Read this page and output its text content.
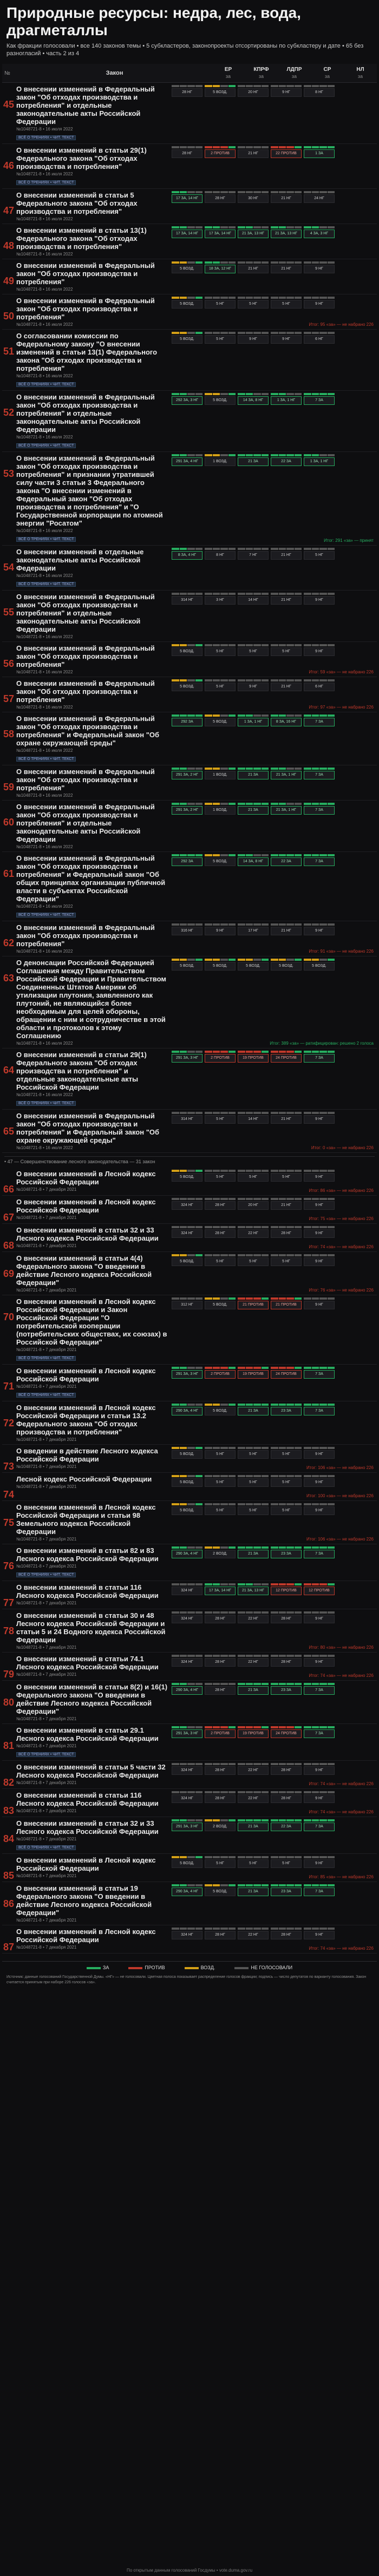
Природные ресурсы: недра, лес, вода, драгметаллы
Как фракции голосовали • все 140 законов темы • 5 субкластеров, законопроекты отсортированы по субкластеру и дате • 65 без разногласий • часть 2 из 4
№	Закон
ЕР
за
КПРФ
за
ЛДПР
за
СР
за
НЛ
за
45
О внесении изменений в Федеральный закон "Об отходах производства и потребления" и отдельные законодательные акты Российской Федерации
№1048721-8 • 16 июля 2022
ВСЁ О ТРЕНИЯХ • ЧИТ. ТЕКСТ
28 НГ	5 ВОЗД.	20 НГ	9 НГ	8 НГ
46
О внесении изменений в статьи 29(1) Федерального закона "Об отходах производства и потребления"
№1048721-8 • 16 июля 2022
ВСЁ О ТРЕНИЯХ • ЧИТ. ТЕКСТ
28 НГ	2 ПРОТИВ	21 НГ	22 ПРОТИВ	1 ЗА
47
О внесении изменений в статьи 5 Федерального закона "Об отходах производства и потребления"
№1048721-8 • 16 июля 2022
17 ЗА, 14 НГ	28 НГ	30 НГ	21 НГ	24 НГ
48
О внесении изменений в статьи 13(1) Федерального закона "Об отходах производства и потребления"
№1048721-8 • 16 июля 2022
17 ЗА, 14 НГ	17 ЗА, 14 НГ	21 ЗА, 13 НГ	21 ЗА, 13 НГ	4 ЗА, 3 НГ
49
О внесении изменений в Федеральный закон "Об отходах производства и потребления"
№1048721-8 • 16 июля 2022
5 ВОЗД.	18 ЗА, 12 НГ	21 НГ	21 НГ	9 НГ
50
О внесении изменений в Федеральный закон "Об отходах производства и потребления"
№1048721-8 • 16 июля 2022
5 ВОЗД.	5 НГ	5 НГ	5 НГ	9 НГ
Итог: 95 «за» — не набрано 226
51
О согласовании комиссии по Федеральному закону "О внесении изменений в статьи 13(1) Федерального закона "Об отходах производства и потребления"
№1048721-8 • 16 июля 2022
ВСЁ О ТРЕНИЯХ • ЧИТ. ТЕКСТ
5 ВОЗД.	5 НГ	9 НГ	9 НГ	6 НГ
52
О внесении изменений в Федеральный закон "Об отходах производства и потребления" и отдельные законодательные акты Российской Федерации
№1048721-8 • 16 июля 2022
ВСЁ О ТРЕНИЯХ • ЧИТ. ТЕКСТ
292 ЗА, 3 НГ	5 ВОЗД.	14 ЗА, 8 НГ	1 ЗА, 1 НГ	7 ЗА
53
О внесении изменений в Федеральный закон "Об отходах производства и потребления" и признании утратившей силу части 3 статьи 3 Федерального закона "О внесении изменений в Федеральный закон "Об отходах производства и потребления" и "О Государственной корпорации по атомной энергии "Росатом"
№1048721-8 • 16 июля 2022
ВСЁ О ТРЕНИЯХ • ЧИТ. ТЕКСТ
291 ЗА, 4 НГ	1 ВОЗД.	21 ЗА	22 ЗА	1 ЗА, 1 НГ
Итог: 291 «за» — принят
54
О внесении изменений в отдельные законодательные акты Российской Федерации
№1048721-8 • 16 июля 2022
ВСЁ О ТРЕНИЯХ • ЧИТ. ТЕКСТ
8 ЗА, 4 НГ	8 НГ	7 НГ	21 НГ	5 НГ
55
О внесении изменений в Федеральный закон "Об отходах производства и потребления" и отдельные законодательные акты Российской Федерации
№1048721-8 • 16 июля 2022
314 НГ	3 НГ	14 НГ	21 НГ	9 НГ
56
О внесении изменений в Федеральный закон "Об отходах производства и потребления"
№1048721-8 • 16 июля 2022
5 ВОЗД.	5 НГ	5 НГ	5 НГ	9 НГ
Итог: 59 «за» — не набрано 226
57
О внесении изменений в Федеральный закон "Об отходах производства и потребления"
№1048721-8 • 16 июля 2022
5 ВОЗД.	5 НГ	9 НГ	21 НГ	6 НГ
Итог: 97 «за» — не набрано 226
58
О внесении изменений в Федеральный закон "Об отходах производства и потребления" и Федеральный закон "Об охране окружающей среды"
№1048721-8 • 16 июля 2022
ВСЁ О ТРЕНИЯХ • ЧИТ. ТЕКСТ
292 ЗА	5 ВОЗД.	1 ЗА, 1 НГ	8 ЗА, 16 НГ	7 ЗА
59
О внесении изменений в Федеральный закон "Об отходах производства и потребления"
№1048721-8 • 16 июля 2022
291 ЗА, 2 НГ	1 ВОЗД.	21 ЗА	21 ЗА, 1 НГ	7 ЗА
60
О внесении изменений в Федеральный закон "Об отходах производства и потребления" и отдельные законодательные акты Российской Федерации
№1048721-8 • 16 июля 2022
291 ЗА, 2 НГ	1 ВОЗД.	21 ЗА	21 ЗА, 1 НГ	7 ЗА
61
О внесении изменений в Федеральный закон "Об отходах производства и потребления" и Федеральный закон "Об общих принципах организации публичной власти в субъектах Российской Федерации"
№1048721-8 • 16 июля 2022
ВСЁ О ТРЕНИЯХ • ЧИТ. ТЕКСТ
292 ЗА	5 ВОЗД.	14 ЗА, 8 НГ	22 ЗА	7 ЗА
62
О внесении изменений в Федеральный закон "Об отходах производства и потребления"
№1048721-8 • 16 июля 2022
316 НГ	9 НГ	17 НГ	21 НГ	9 НГ
Итог: 91 «за» — не набрано 226
63
О денонсации Российской Федерацией Соглашения между Правительством Российской Федерации и Правительством Соединенных Штатов Америки об утилизации плутония, заявленного как плутоний, не являющийся более необходимым для целей обороны, обращении с ним и сотрудничестве в этой области и протоколов к этому Соглашению
№1048721-8 • 16 июля 2022
5 ВОЗД.	5 ВОЗД.	5 ВОЗД.	5 ВОЗД.	5 ВОЗД.
Итог: 389 «за» — ратифицирован: решено 2 голоса
64
О внесении изменений в статьи 29(1) Федерального закона "Об отходах производства и потребления" и отдельные законодательные акты Российской Федерации
№1048721-8 • 16 июля 2022
ВСЁ О ТРЕНИЯХ • ЧИТ. ТЕКСТ
291 ЗА, 3 НГ	2 ПРОТИВ	19 ПРОТИВ	24 ПРОТИВ	7 ЗА
65
О внесении изменений в Федеральный закон "Об отходах производства и потребления" и Федеральный закон "Об охране окружающей среды"
№1048721-8 • 16 июля 2022
314 НГ	5 НГ	14 НГ	21 НГ	9 НГ
Итог: 0 «за» — не набрано 226
• 47 — Совершенствование лесного законодательства — 31 закон
66
О внесении изменений в Лесной кодекс Российской Федерации
№1048721-8 • 7 декабря 2021
5 ВОЗД.	5 НГ	5 НГ	5 НГ	9 НГ
Итог: 86 «за» — не набрано 226
67
О внесении изменений в Лесной кодекс Российской Федерации
№1048721-8 • 7 декабря 2021
324 НГ	28 НГ	20 НГ	21 НГ	9 НГ
Итог: 75 «за» — не набрано 226
68
О внесении изменений в статьи 32 и 33 Лесного кодекса Российской Федерации
№1048721-8 • 7 декабря 2021
324 НГ	28 НГ	22 НГ	28 НГ	9 НГ
Итог: 74 «за» — не набрано 226
69
О внесении изменений в статьи 4(4) Федерального закона "О введении в действие Лесного кодекса Российской Федерации"
№1048721-8 • 7 декабря 2021
5 ВОЗД.	5 НГ	5 НГ	5 НГ	9 НГ
Итог: 76 «за» — не набрано 226
70
О внесении изменений в Лесной кодекс Российской Федерации и Закон Российской Федерации "О потребительской кооперации (потребительских обществах, их союзах) в Российской Федерации"
№1048721-8 • 7 декабря 2021
ВСЁ О ТРЕНИЯХ • ЧИТ. ТЕКСТ
312 НГ	5 ВОЗД.	21 ПРОТИВ	21 ПРОТИВ	9 НГ
71
О внесении изменений в Лесной кодекс Российской Федерации
№1048721-8 • 7 декабря 2021
ВСЁ О ТРЕНИЯХ • ЧИТ. ТЕКСТ
291 ЗА, 3 НГ	2 ПРОТИВ	19 ПРОТИВ	24 ПРОТИВ	7 ЗА
72
О внесении изменений в Лесной кодекс Российской Федерации и статьи 13.2 Федерального закона "Об отходах производства и потребления"
№1048721-8 • 7 декабря 2021
290 ЗА, 4 НГ	5 ВОЗД.	21 ЗА	23 ЗА	7 ЗА
73
О введении в действие Лесного кодекса Российской Федерации
№1048721-8 • 7 декабря 2021
5 ВОЗД.	5 НГ	5 НГ	5 НГ	9 НГ
Итог: 106 «за» — не набрано 226
74
Лесной кодекс Российской Федерации
№1048721-8 • 7 декабря 2021
5 ВОЗД.	5 НГ	5 НГ	5 НГ	9 НГ
Итог: 100 «за» — не набрано 226
75
О внесении изменений в Лесной кодекс Российской Федерации и статьи 98 Земельного кодекса Российской Федерации
№1048721-8 • 7 декабря 2021
5 ВОЗД.	5 НГ	5 НГ	5 НГ	9 НГ
Итог: 106 «за» — не набрано 226
76
О внесении изменений в статьи 82 и 83 Лесного кодекса Российской Федерации
№1048721-8 • 7 декабря 2021
ВСЁ О ТРЕНИЯХ • ЧИТ. ТЕКСТ
290 ЗА, 4 НГ	2 ВОЗД.	21 ЗА	23 ЗА	7 ЗА
77
О внесении изменений в статьи 116 Лесного кодекса Российской Федерации
№1048721-8 • 7 декабря 2021
324 НГ	17 ЗА, 14 НГ	21 ЗА, 13 НГ	12 ПРОТИВ	12 ПРОТИВ
78
О внесении изменений в статьи 30 и 48 Лесного кодекса Российской Федерации и статьи 5 и 24 Водного кодекса Российской Федерации
№1048721-8 • 7 декабря 2021
324 НГ	28 НГ	22 НГ	28 НГ	9 НГ
Итог: 80 «за» — не набрано 226
79
О внесении изменений в статьи 74.1 Лесного кодекса Российской Федерации
№1048721-8 • 7 декабря 2021
324 НГ	28 НГ	22 НГ	28 НГ	9 НГ
Итог: 74 «за» — не набрано 226
80
О внесении изменений в статьи 8(2) и 16(1) Федерального закона "О введении в действие Лесного кодекса Российской Федерации"
№1048721-8 • 7 декабря 2021
290 ЗА, 4 НГ	28 НГ	21 ЗА	23 ЗА	7 ЗА
81
О внесении изменений в статьи 29.1 Лесного кодекса Российской Федерации
№1048721-8 • 7 декабря 2021
ВСЁ О ТРЕНИЯХ • ЧИТ. ТЕКСТ
291 ЗА, 3 НГ	2 ПРОТИВ	19 ПРОТИВ	24 ПРОТИВ	7 ЗА
82
О внесении изменений в статьи 5 части 32 Лесного кодекса Российской Федерации
№1048721-8 • 7 декабря 2021
324 НГ	28 НГ	22 НГ	28 НГ	9 НГ
Итог: 74 «за» — не набрано 226
83
О внесении изменений в статьи 116 Лесного кодекса Российской Федерации
№1048721-8 • 7 декабря 2021
324 НГ	28 НГ	22 НГ	28 НГ	9 НГ
Итог: 74 «за» — не набрано 226
84
О внесении изменений в статьи 32 и 33 Лесного кодекса Российской Федерации
№1048721-8 • 7 декабря 2021
ВСЁ О ТРЕНИЯХ • ЧИТ. ТЕКСТ
291 ЗА, 3 НГ	2 ВОЗД.	21 ЗА	22 ЗА	7 ЗА
85
О внесении изменений в Лесной кодекс Российской Федерации
№1048721-8 • 7 декабря 2021
5 ВОЗД.	5 НГ	5 НГ	5 НГ	9 НГ
Итог: 85 «за» — не набрано 226
86
О внесении изменений в статьи 19 Федерального закона "О введении в действие Лесного кодекса Российской Федерации"
№1048721-8 • 7 декабря 2021
290 ЗА, 4 НГ	5 ВОЗД.	21 ЗА	23 ЗА	7 ЗА
87
О внесении изменений в Лесной кодекс Российской Федерации
№1048721-8 • 7 декабря 2021
324 НГ	28 НГ	22 НГ	28 НГ	9 НГ
Итог: 74 «за» — не набрано 226
ЗА	ПРОТИВ	ВОЗД.	НЕ ГОЛОСОВАЛИ
Источник: данные голосований Государственной Думы. «НГ» — не голосовали. Цветная полоса показывает распределение голосов фракции; подпись — число депутатов по варианту голосования. Закон считается принятым при наборе 226 голосов «за».
По открытым данным голосований Госдумы • vote.duma.gov.ru
